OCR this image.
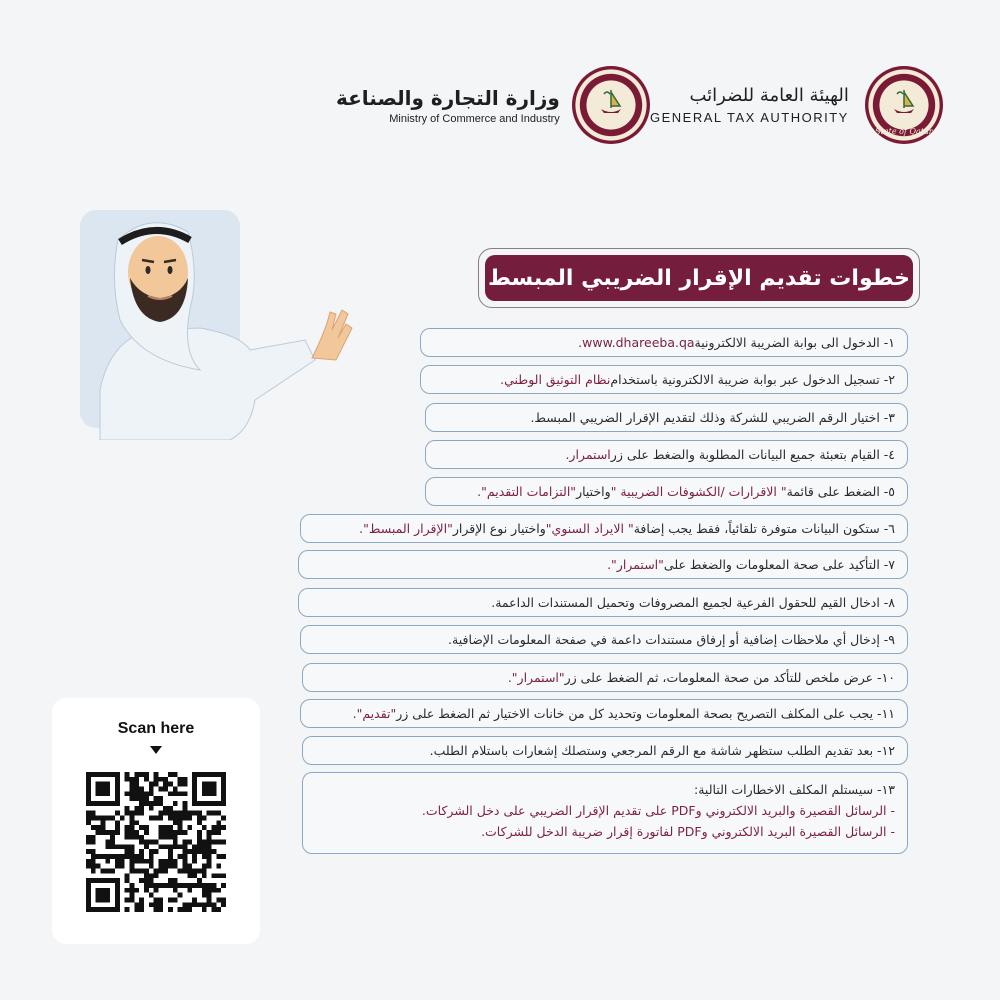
وزارة التجارة والصناعة
Ministry of Commerce and Industry
الهيئة العامة للضرائب
GENERAL TAX AUTHORITY
State of Qatar
خطوات تقديم الإقرار الضريبي المبسط
١- الدخول الى بوابة الضريبة الالكترونية
www.dhareeba.qa.
٢- تسجيل الدخول عبر بوابة ضريبة الالكترونية باستخدام
نظام التوثيق الوطني.
٣- اختيار الرقم الضريبي للشركة وذلك لتقديم الإقرار الضريبي المبسط.
٤- القيام بتعبئة جميع البيانات المطلوبة والضغط على زر
استمرار.
٥- الضغط على قائمة
" الاقرارات /الكشوفات الضريبية "
واختيار
"التزامات التقديم".
٦- ستكون البيانات متوفرة تلقائياً، فقط يجب إضافة
" الايراد السنوي"
واختيار نوع الإقرار
"الإقرار المبسط".
٧- التأكيد على صحة المعلومات والضغط على
"استمرار".
٨- ادخال القيم للحقول الفرعية لجميع المصروفات وتحميل المستندات الداعمة.
٩- إدخال أي ملاحظات إضافية أو إرفاق مستندات داعمة في صفحة المعلومات الإضافية.
١٠- عرض ملخص للتأكد من صحة المعلومات، ثم الضغط على زر
"استمرار".
١١- يجب على المكلف التصريح بصحة المعلومات وتحديد كل من خانات الاختيار ثم الضغط على زر
"تقديم".
١٢- بعد تقديم الطلب ستظهر شاشة مع الرقم المرجعي وستصلك إشعارات باستلام الطلب.
١٣- سيستلم المكلف الاخطارات التالية:
- الرسائل القصيرة والبريد الالكتروني وPDF على تقديم الإقرار الضريبي على دخل الشركات.
- الرسائل القصيرة البريد الالكتروني وPDF لفاتورة إقرار ضريبة الدخل للشركات.
Scan here
